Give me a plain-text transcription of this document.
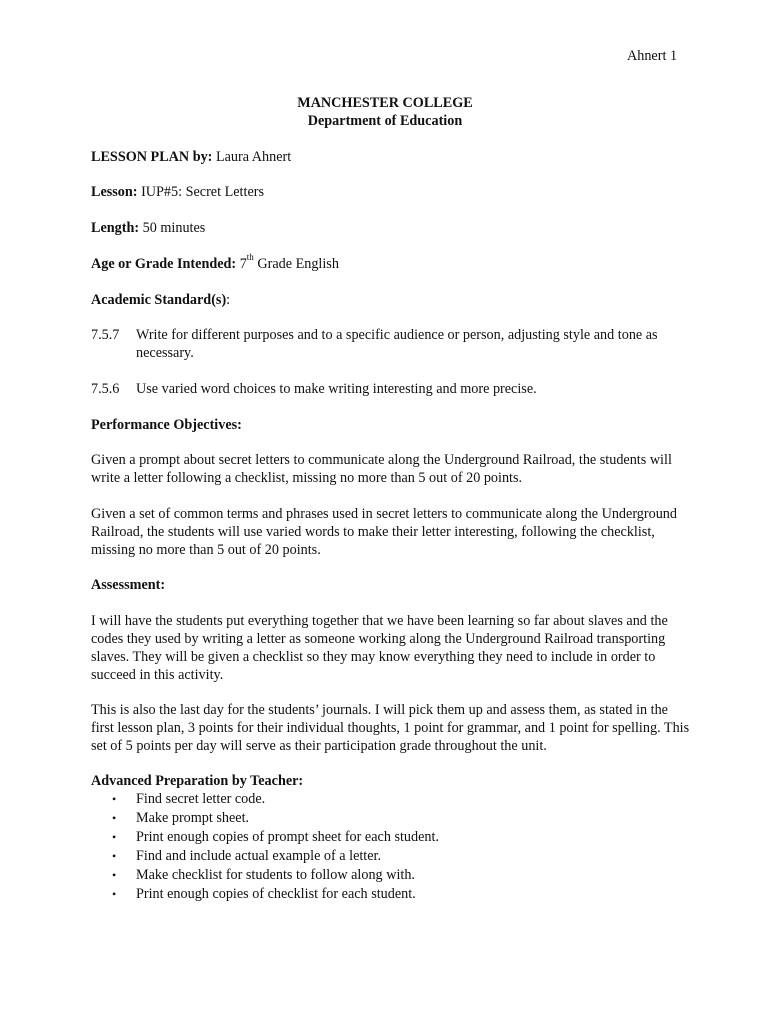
Ahnert 1
MANCHESTER COLLEGE
Department of Education
LESSON PLAN by: Laura Ahnert
Lesson: IUP#5: Secret Letters
Length: 50 minutes
Age or Grade Intended: 7th Grade English
Academic Standard(s):
7.5.7 Write for different purposes and to a specific audience or person, adjusting style and tone as necessary.
7.5.6 Use varied word choices to make writing interesting and more precise.
Performance Objectives:
Given a prompt about secret letters to communicate along the Underground Railroad, the students will write a letter following a checklist, missing no more than 5 out of 20 points.
Given a set of common terms and phrases used in secret letters to communicate along the Underground Railroad, the students will use varied words to make their letter interesting, following the checklist, missing no more than 5 out of 20 points.
Assessment:
I will have the students put everything together that we have been learning so far about slaves and the codes they used by writing a letter as someone working along the Underground Railroad transporting slaves. They will be given a checklist so they may know everything they need to include in order to succeed in this activity.
This is also the last day for the students’ journals. I will pick them up and assess them, as stated in the first lesson plan, 3 points for their individual thoughts, 1 point for grammar, and 1 point for spelling. This set of 5 points per day will serve as their participation grade throughout the unit.
Advanced Preparation by Teacher:
• Find secret letter code.
• Make prompt sheet.
• Print enough copies of prompt sheet for each student.
• Find and include actual example of a letter.
• Make checklist for students to follow along with.
• Print enough copies of checklist for each student.
